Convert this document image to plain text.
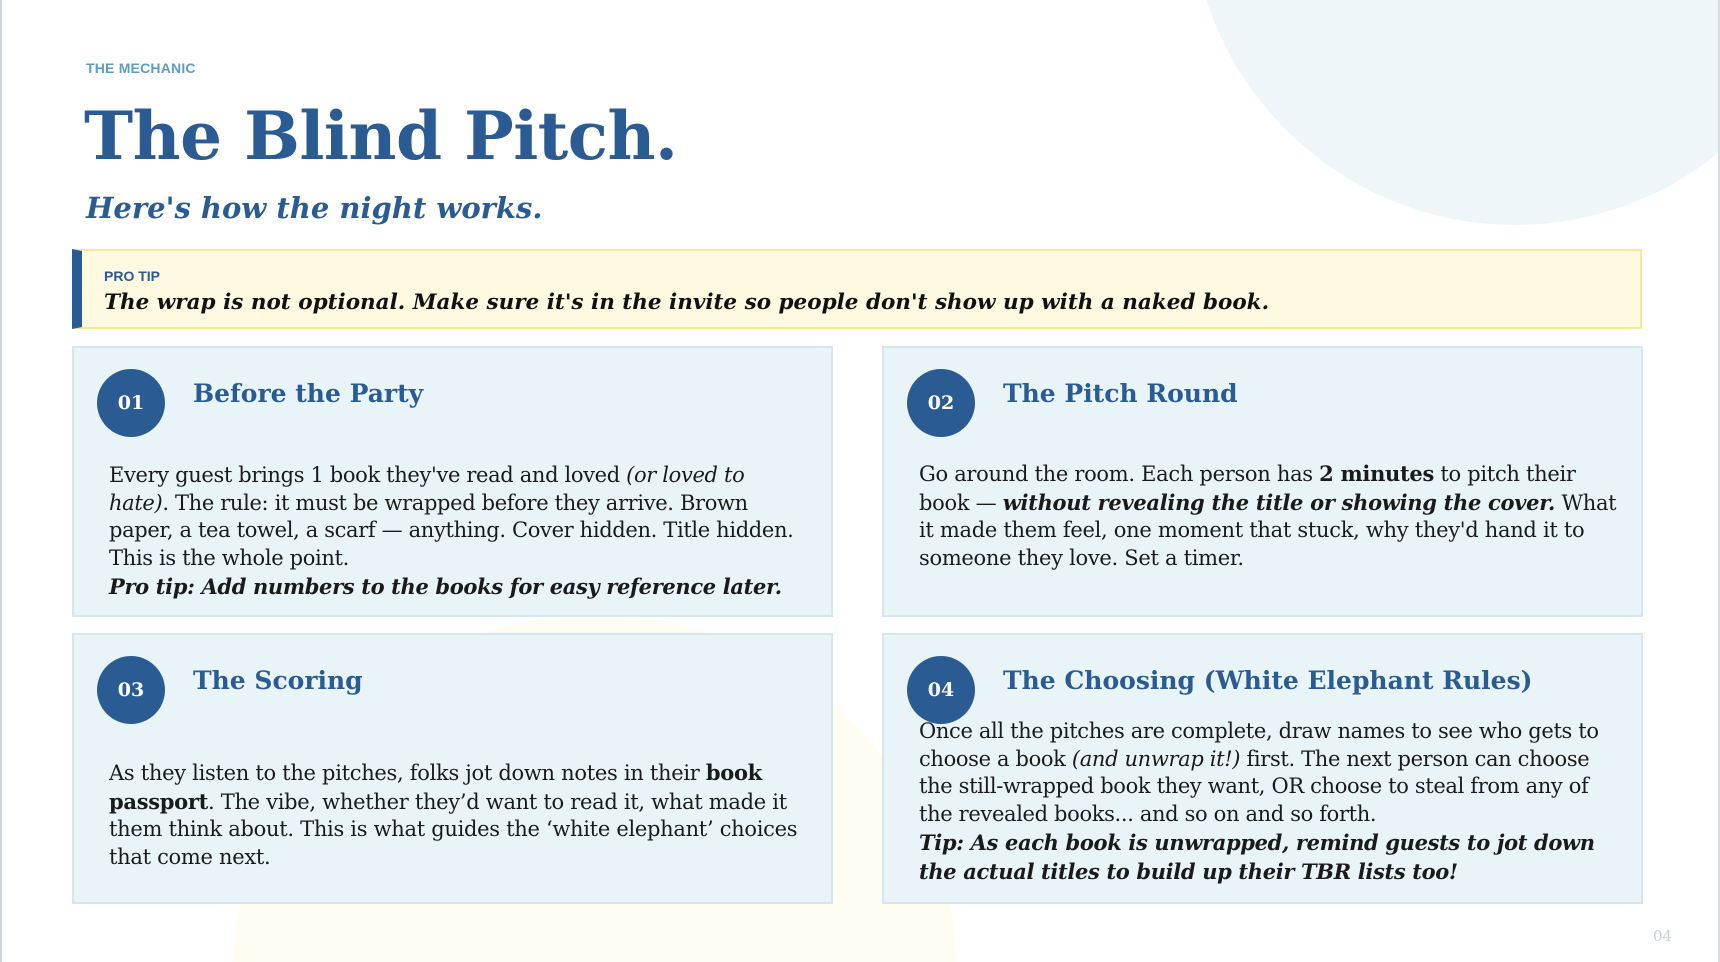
THE MECHANIC
The Blind Pitch.
Here's how the night works.
PRO TIP
The wrap is not optional. Make sure it's in the invite so people don't show up with a naked book.
01	Before the Party
Every guest brings 1 book they've read and loved (or loved to hate). The rule: it must be wrapped before they arrive. Brown paper, a tea towel, a scarf — anything. Cover hidden. Title hidden. This is the whole point.
Pro tip: Add numbers to the books for easy reference later.
02	The Pitch Round
Go around the room. Each person has 2 minutes to pitch their book — without revealing the title or showing the cover. What it made them feel, one moment that stuck, why they'd hand it to someone they love. Set a timer.
03	The Scoring
As they listen to the pitches, folks jot down notes in their book passport. The vibe, whether they’d want to read it, what made it them think about. This is what guides the ‘white elephant’ choices that come next.
04	The Choosing (White Elephant Rules)
Once all the pitches are complete, draw names to see who gets to choose a book (and unwrap it!) first. The next person can choose the still-wrapped book they want, OR choose to steal from any of the revealed books... and so on and so forth.
Tip: As each book is unwrapped, remind guests to jot down the actual titles to build up their TBR lists too!
04
